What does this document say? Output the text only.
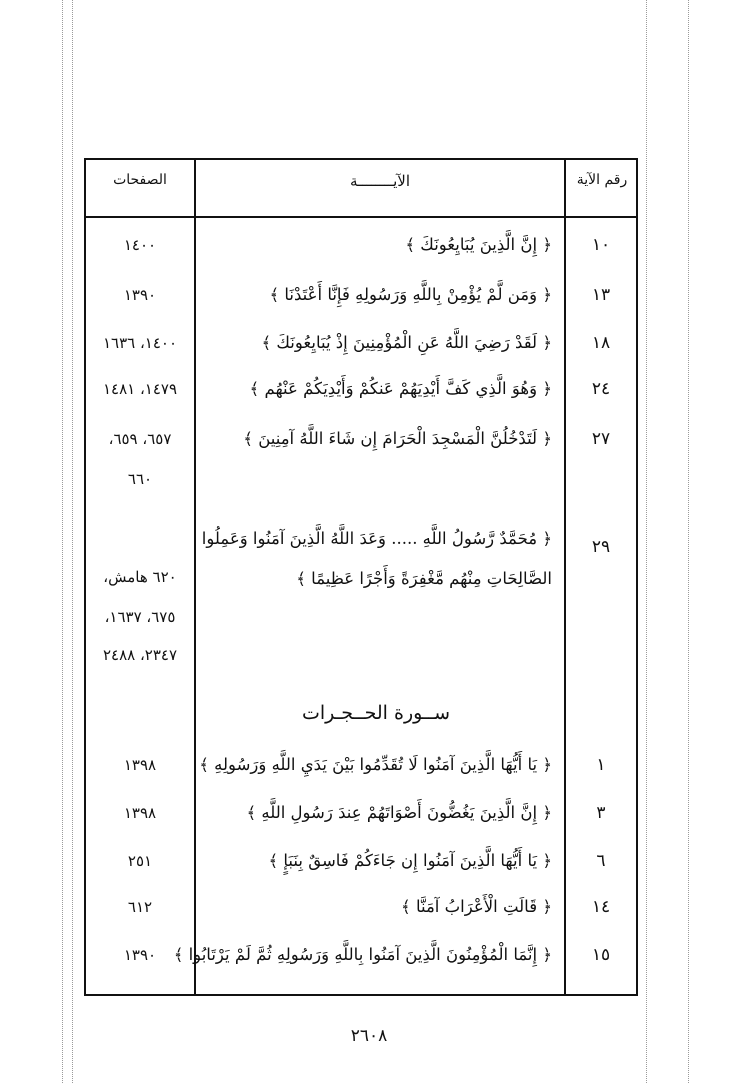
رقم الآية
الآيــــــــة
الصفحات
١٠
﴿ إِنَّ الَّذِينَ يُبَايِعُونَكَ ﴾
١٤٠٠
١٣
﴿ وَمَن لَّمْ يُؤْمِنْ بِاللَّهِ وَرَسُولِهِ فَإِنَّا أَعْتَدْنَا ﴾
١٣٩٠
١٨
﴿ لَقَدْ رَضِيَ اللَّهُ عَنِ الْمُؤْمِنِينَ إِذْ يُبَايِعُونَكَ ﴾
١٤٠٠، ١٦٣٦
٢٤
﴿ وَهُوَ الَّذِي كَفَّ أَيْدِيَهُمْ عَنكُمْ وَأَيْدِيَكُمْ عَنْهُم ﴾
١٤٧٩، ١٤٨١
٢٧
﴿ لَتَدْخُلُنَّ الْمَسْجِدَ الْحَرَامَ إِن شَاءَ اللَّهُ آمِنِينَ ﴾
٦٥٧، ٦٥٩،
٦٦٠
٢٩
﴿ مُحَمَّدٌ رَّسُولُ اللَّهِ ..... وَعَدَ اللَّهُ الَّذِينَ آمَنُوا وَعَمِلُوا
الصَّالِحَاتِ مِنْهُم مَّغْفِرَةً وَأَجْرًا عَظِيمًا ﴾
٦٢٠ هامش،
٦٧٥، ١٦٣٧،
٢٣٤٧، ٢٤٨٨
١
﴿ يَا أَيُّهَا الَّذِينَ آمَنُوا لَا تُقَدِّمُوا بَيْنَ يَدَيِ اللَّهِ وَرَسُولِهِ ﴾
١٣٩٨
٣
﴿ إِنَّ الَّذِينَ يَغُضُّونَ أَصْوَاتَهُمْ عِندَ رَسُولِ اللَّهِ ﴾
١٣٩٨
٦
﴿ يَا أَيُّهَا الَّذِينَ آمَنُوا إِن جَاءَكُمْ فَاسِقٌ بِنَبَإٍ ﴾
٢٥١
١٤
﴿ قَالَتِ الْأَعْرَابُ آمَنَّا ﴾
٦١٢
١٥
﴿ إِنَّمَا الْمُؤْمِنُونَ الَّذِينَ آمَنُوا بِاللَّهِ وَرَسُولِهِ ثُمَّ لَمْ يَرْتَابُوا ﴾
١٣٩٠
ســورة الحــجـرات
٢٦٠٨
